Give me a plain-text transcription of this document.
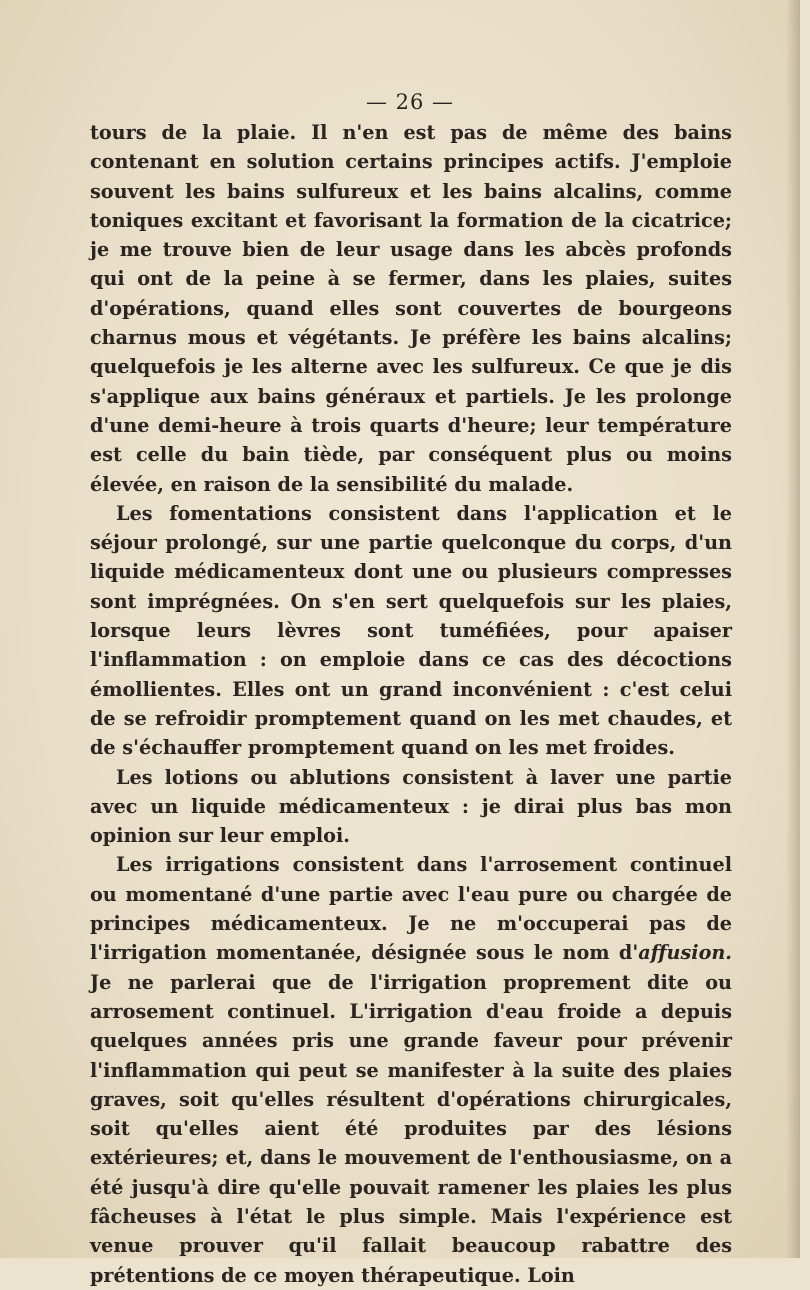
— 26 —

tours de la plaie. Il n'en est pas de même des bains contenant en solution certains principes actifs. J'emploie souvent les bains sulfureux et les bains alcalins, comme toniques excitant et favorisant la formation de la cicatrice; je me trouve bien de leur usage dans les abcès profonds qui ont de la peine à se fermer, dans les plaies, suites d'opérations, quand elles sont couvertes de bourgeons charnus mous et végétants. Je préfère les bains alcalins; quelquefois je les alterne avec les sulfureux. Ce que je dis s'applique aux bains généraux et partiels. Je les prolonge d'une demi-heure à trois quarts d'heure; leur température est celle du bain tiède, par conséquent plus ou moins élevée, en raison de la sensibilité du malade.

Les fomentations consistent dans l'application et le séjour prolongé, sur une partie quelconque du corps, d'un liquide médicamenteux dont une ou plusieurs compresses sont imprégnées. On s'en sert quelquefois sur les plaies, lorsque leurs lèvres sont tuméfiées, pour apaiser l'inflammation : on emploie dans ce cas des décoctions émollientes. Elles ont un grand inconvénient : c'est celui de se refroidir promptement quand on les met chaudes, et de s'échauffer promptement quand on les met froides.

Les lotions ou ablutions consistent à laver une partie avec un liquide médicamenteux : je dirai plus bas mon opinion sur leur emploi.

Les irrigations consistent dans l'arrosement continuel ou momentané d'une partie avec l'eau pure ou chargée de principes médicamenteux. Je ne m'occuperai pas de l'irrigation momentanée, désignée sous le nom d'affusion. Je ne parlerai que de l'irrigation proprement dite ou arrosement continuel. L'irrigation d'eau froide a depuis quelques années pris une grande faveur pour prévenir l'inflammation qui peut se manifester à la suite des plaies graves, soit qu'elles résultent d'opérations chirurgicales, soit qu'elles aient été produites par des lésions extérieures; et, dans le mouvement de l'enthousiasme, on a été jusqu'à dire qu'elle pouvait ramener les plaies les plus fâcheuses à l'état le plus simple. Mais l'expérience est venue prouver qu'il fallait beaucoup rabattre des prétentions de ce moyen thérapeutique. Loin
